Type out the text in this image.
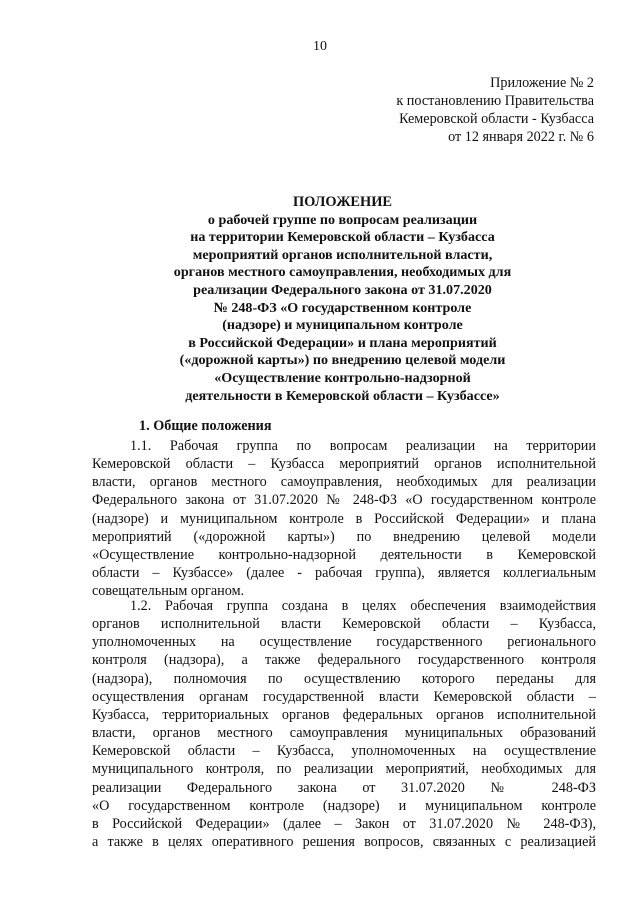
10
Приложение № 2
к постановлению Правительства
Кемеровской области - Кузбасса
от 12 января 2022 г. № 6
ПОЛОЖЕНИЕ
о рабочей группе по вопросам реализации
на территории Кемеровской области – Кузбасса
мероприятий органов исполнительной власти,
органов местного самоуправления, необходимых для
реализации Федерального закона от 31.07.2020
№ 248-ФЗ «О государственном контроле
(надзоре) и муниципальном контроле
в Российской Федерации» и плана мероприятий
(«дорожной карты») по внедрению целевой модели
«Осуществление контрольно-надзорной
деятельности в Кемеровской области – Кузбассе»
1. Общие положения
1.1. Рабочая группа по вопросам реализации на территории
Кемеровской области – Кузбасса мероприятий органов исполнительной
власти, органов местного самоуправления, необходимых для реализации
Федерального закона от 31.07.2020 № 248-ФЗ «О государственном контроле
(надзоре) и муниципальном контроле в Российской Федерации» и плана
мероприятий («дорожной карты») по внедрению целевой модели
«Осуществление контрольно-надзорной деятельности в Кемеровской
области – Кузбассе» (далее - рабочая группа), является коллегиальным
совещательным органом.
1.2. Рабочая группа создана в целях обеспечения взаимодействия
органов исполнительной власти Кемеровской области – Кузбасса,
уполномоченных на осуществление государственного регионального
контроля (надзора), а также федерального государственного контроля
(надзора), полномочия по осуществлению которого переданы для
осуществления органам государственной власти Кемеровской области –
Кузбасса, территориальных органов федеральных органов исполнительной
власти, органов местного самоуправления муниципальных образований
Кемеровской области – Кузбасса, уполномоченных на осуществление
муниципального контроля, по реализации мероприятий, необходимых для
реализации Федерального закона от 31.07.2020 № 248-ФЗ
«О государственном контроле (надзоре) и муниципальном контроле
в Российской Федерации» (далее – Закон от 31.07.2020 № 248-ФЗ),
а также в целях оперативного решения вопросов, связанных с реализацией
